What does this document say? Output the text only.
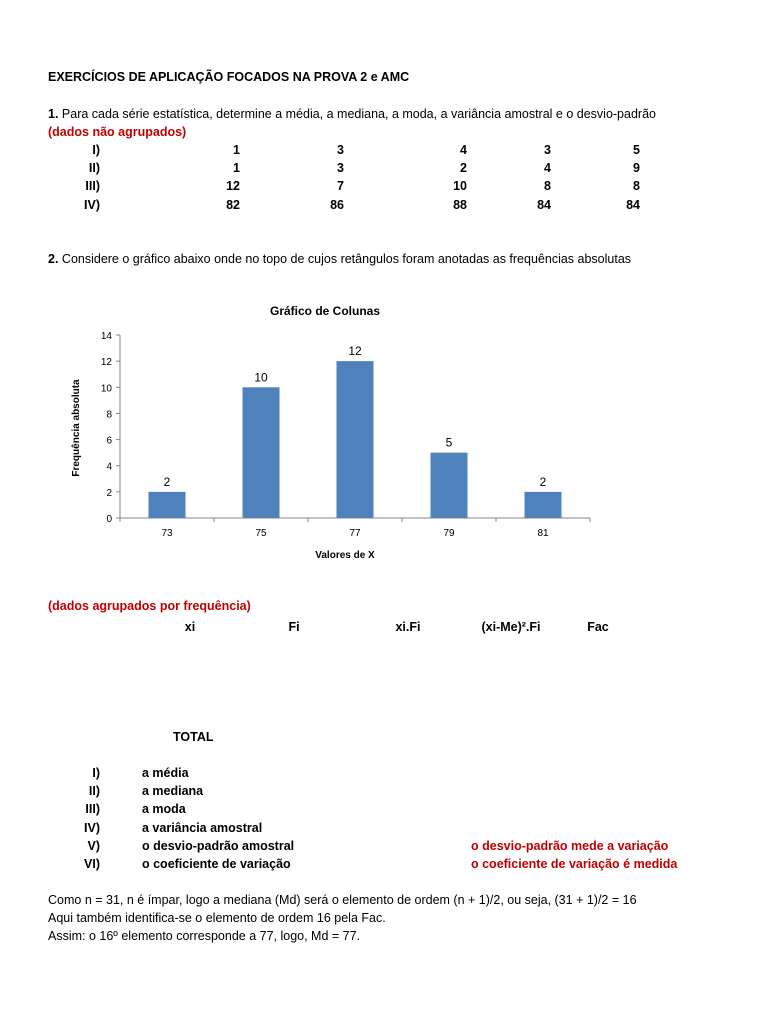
EXERCÍCIOS DE APLICAÇÃO FOCADOS NA PROVA 2 e AMC
1. Para cada série estatística, determine a média, a mediana, a moda, a variância amostral e o desvio-padrão
(dados não agrupados)
I)	1	3	4	3	5
II)	1	3	2	4	9
III)	12	7	10	8	8
IV)	82	86	88	84	84
2. Considere o gráfico abaixo onde no topo de cujos retângulos foram anotadas as frequências absolutas
Gráfico de Colunas
Valores de X
Frequência absoluta
0
2
4
6
8
10
12
14
2
73
10
75
12
77
5
79
2
81
(dados agrupados por frequência)
xi	Fi	xi.Fi	(xi-Me)².Fi	Fac
TOTAL
I)	a média
II)	a mediana
III)	a moda
IV)	a variância amostral
V)	o desvio-padrão amostral	o desvio-padrão mede a variação
VI)	o coeficiente de variação	o coeficiente de variação é medida
Como n = 31, n é ímpar, logo a mediana (Md) será o elemento de ordem (n + 1)/2, ou seja, (31 + 1)/2 = 16
Aqui também identifica-se o elemento de ordem 16 pela Fac.
Assim: o 16º elemento corresponde a 77, logo, Md = 77.
